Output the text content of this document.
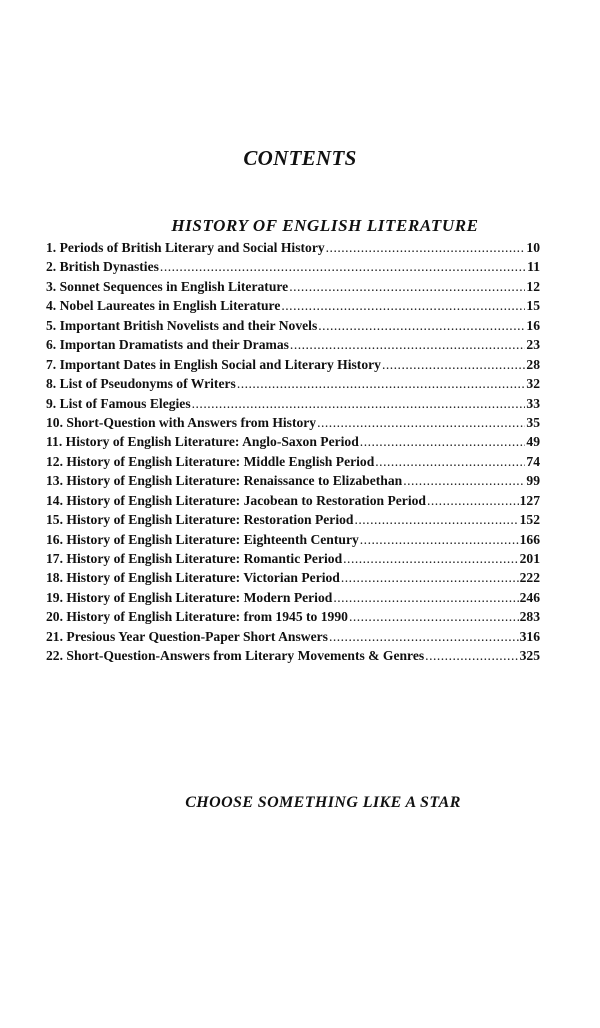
CONTENTS
HISTORY OF ENGLISH LITERATURE
1. Periods of British Literary and Social History .....	10
2. British Dynasties .....	11
3. Sonnet Sequences in English Literature .....	12
4. Nobel Laureates in English Literature .....	15
5. Important British Novelists and their Novels .....	16
6. Importan Dramatists and their Dramas .....	23
7. Important Dates in English Social and Literary History .....	28
8. List of Pseudonyms of Writers .....	32
9. List of Famous Elegies .....	33
10. Short-Question with Answers from History .....	35
11. History of English Literature: Anglo-Saxon Period .....	49
12. History of English Literature: Middle English Period .....	74
13. History of English Literature: Renaissance to Elizabethan .....	99
14. History of English Literature: Jacobean to Restoration Period .....	127
15. History of English Literature: Restoration Period .....	152
16. History of English Literature: Eighteenth Century .....	166
17. History of English Literature: Romantic Period .....	201
18. History of English Literature: Victorian Period .....	222
19. History of English Literature: Modern Period .....	246
20. History of English Literature: from 1945 to 1990 .....	283
21. Presious Year Question-Paper Short Answers .....	316
22. Short-Question-Answers from Literary Movements & Genres .....	325
CHOOSE SOMETHING LIKE A STAR
